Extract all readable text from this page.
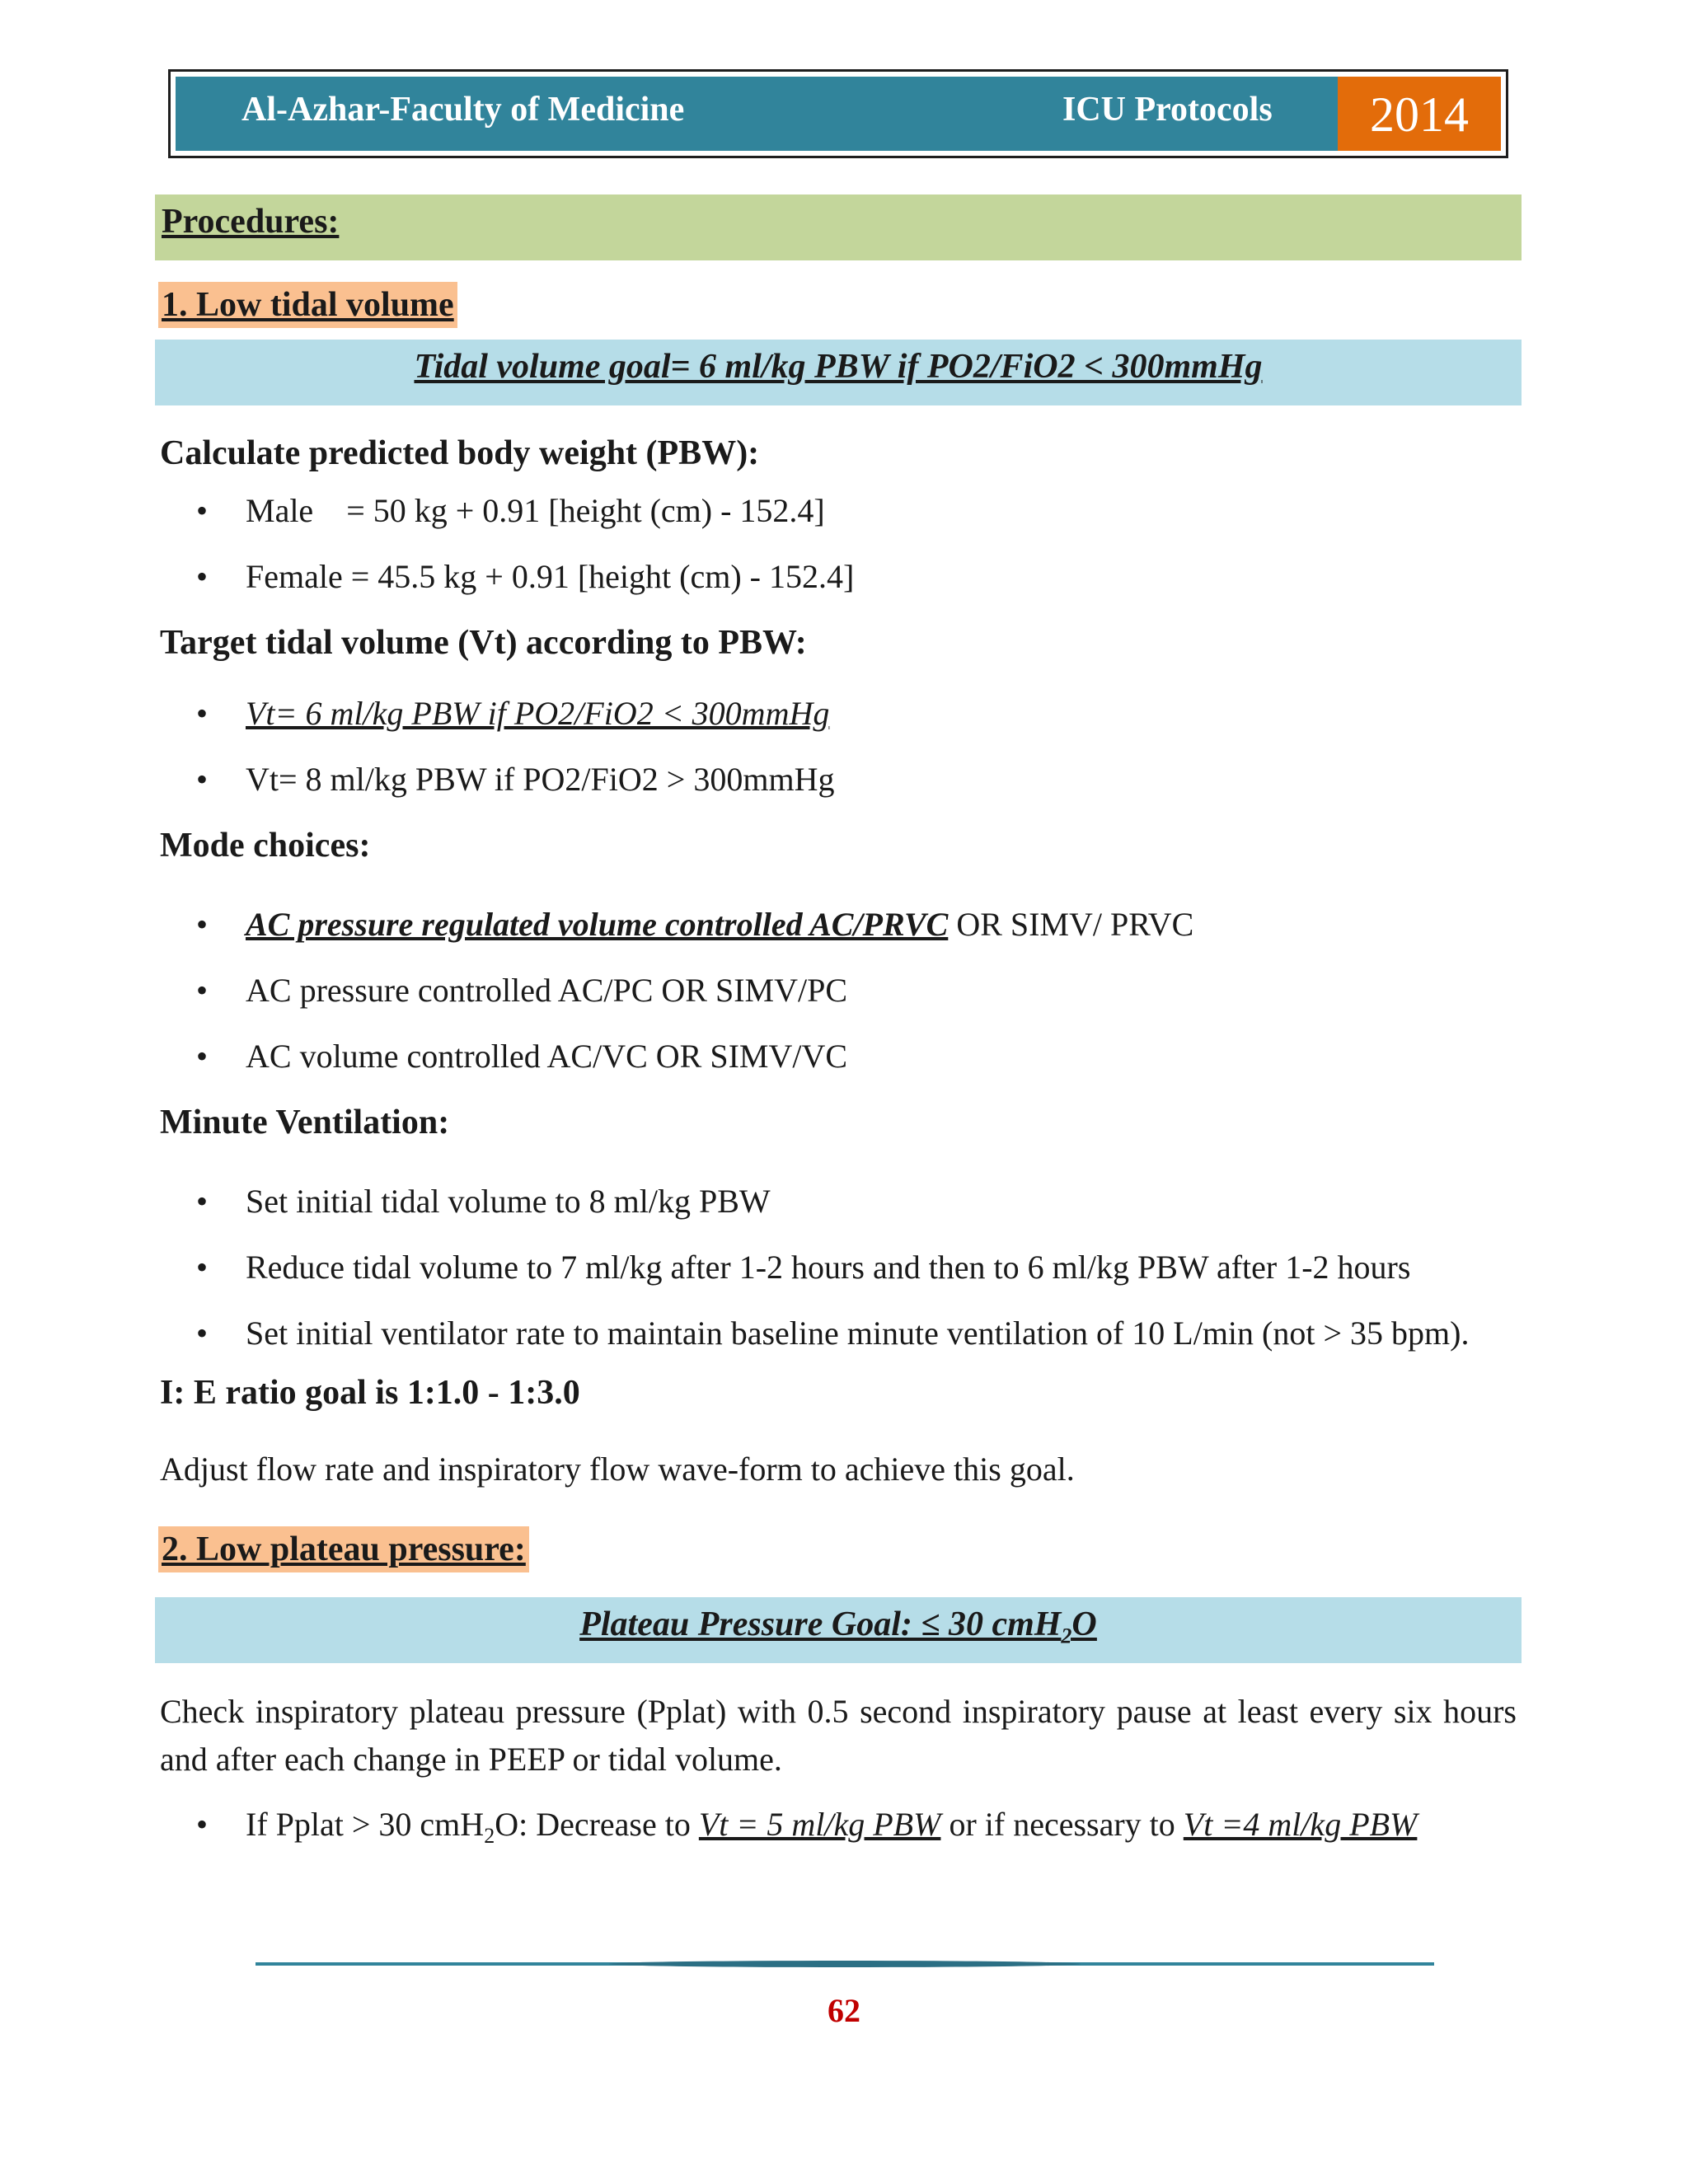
Al-Azhar-Faculty of Medicine	ICU Protocols	2014
Procedures:
1. Low tidal volume
Tidal volume goal= 6 ml/kg PBW if PO2/FiO2 < 300mmHg
Calculate predicted body weight (PBW):
• Male    = 50 kg + 0.91 [height (cm) - 152.4]
• Female = 45.5 kg + 0.91 [height (cm) - 152.4]
Target tidal volume (Vt) according to PBW:
• Vt= 6 ml/kg PBW if PO2/FiO2 < 300mmHg
• Vt= 8 ml/kg PBW if PO2/FiO2 > 300mmHg
Mode choices:
• AC pressure regulated volume controlled AC/PRVC OR SIMV/ PRVC
• AC pressure controlled AC/PC OR SIMV/PC
• AC volume controlled AC/VC OR SIMV/VC
Minute Ventilation:
• Set initial tidal volume to 8 ml/kg PBW
• Reduce tidal volume to 7 ml/kg after 1-2 hours and then to 6 ml/kg PBW after 1-2 hours
• Set initial ventilator rate to maintain baseline minute ventilation of 10 L/min (not > 35 bpm).
I: E ratio goal is 1:1.0 - 1:3.0
Adjust flow rate and inspiratory flow wave-form to achieve this goal.
2. Low plateau pressure:
Plateau Pressure Goal: ≤ 30 cmH$_2$O
Check inspiratory plateau pressure (Pplat) with 0.5 second inspiratory pause at least every six hours and after each change in PEEP or tidal volume.
• If Pplat > 30 cmH$_2$O: Decrease to Vt = 5 ml/kg PBW or if necessary to Vt =4 ml/kg PBW
62
